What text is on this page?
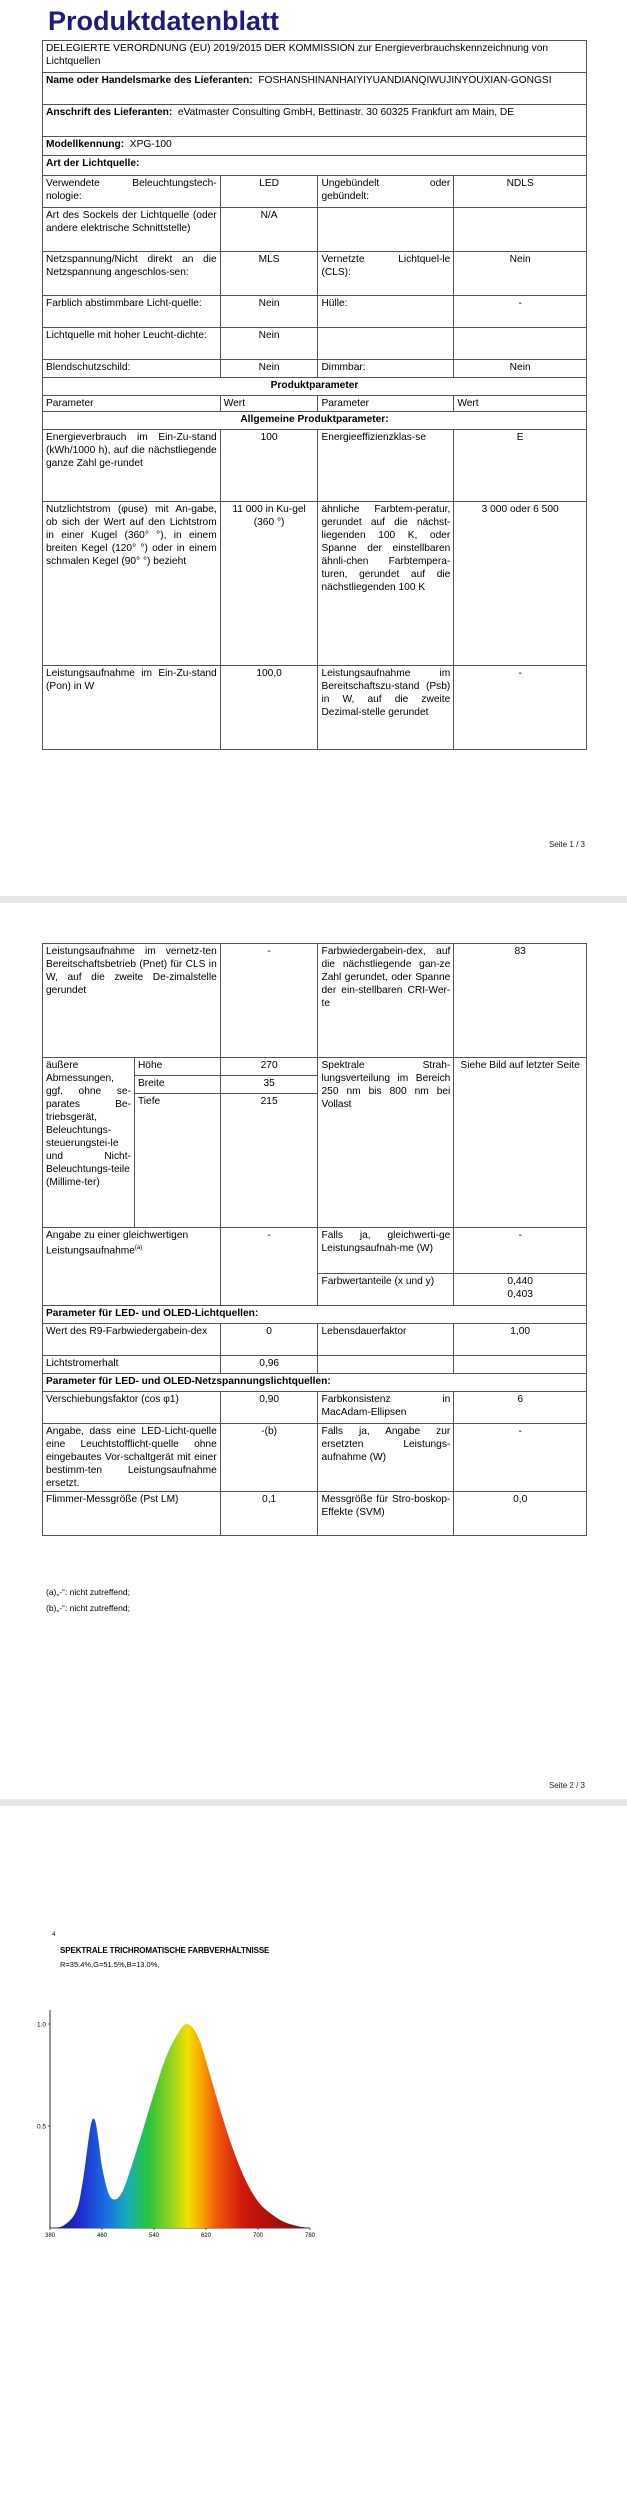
Produktdatenblatt
DELEGIERTE VERORDNUNG (EU) 2019/2015 DER KOMMISSION zur Energieverbrauchskennzeichnung von Lichtquellen			
Name oder Handelsmarke des Lieferanten: FOSHANSHINANHAIYIYUANDIANQIWUJINYOUXIAN-GONGSI			
Anschrift des Lieferanten: eVatmaster Consulting GmbH, Bettinastr. 30 60325 Frankfurt am Main, DE			
Modellkennung: XPG-100			
Art der Lichtquelle:			
Verwendete Beleuchtungstech-nologie:	LED	Ungebündelt oder gebündelt:	NDLS
Art des Sockels der Lichtquelle (oder andere elektrische Schnittstelle)	N/A		
Netzspannung/Nicht direkt an die Netzspannung angeschlos-sen:	MLS	Vernetzte Lichtquel-le (CLS):	Nein
Farblich abstimmbare Licht-quelle:	Nein	Hülle:	-
Lichtquelle mit hoher Leucht-dichte:	Nein		
Blendschutzschild:	Nein	Dimmbar:	Nein
Produktparameter			
Parameter	Wert	Parameter	Wert
Allgemeine Produktparameter:			
Energieverbrauch im Ein-Zu-stand (kWh/1000 h), auf die nächstliegende ganze Zahl ge-rundet	100	Energieeffizienzklas-se	E
Nutzlichtstrom (φuse) mit An-gabe, ob sich der Wert auf den Lichtstrom in einer Kugel (360° °), in einem breiten Kegel (120° °) oder in einem schmalen Kegel (90° °) bezieht	11 000 in Ku-gel (360 °)	ähnliche Farbtem-peratur, gerundet auf die nächst-liegenden 100 K, oder Spanne der einstellbaren ähnli-chen Farbtempera-turen, gerundet auf die nächstliegenden 100 K	3 000 oder 6 500
Leistungsaufnahme im Ein-Zu-stand (Pon) in W	100,0	Leistungsaufnahme im Bereitschaftszu-stand (Psb) in W, auf die zweite Dezimal-stelle gerundet	-
Seite 1 / 3
Leistungsaufnahme im vernetz-ten Bereitschaftsbetrieb (Pnet) für CLS in W, auf die zweite De-zimalstelle gerundet		-	Farbwiedergabein-dex, auf die nächstliegende gan-ze Zahl gerundet, oder Spanne der ein-stellbaren CRI-Wer-te	83
äußere Abmessungen, ggf. ohne se-parates Be-triebsgerät, Beleuchtungs-steuerungstei-le und Nicht-Beleuchtungs-teile (Millime-ter)	Höhe	270	Spektrale Strah-lungsverteilung im Bereich 250 nm bis 800 nm bei Vollast	Siehe Bild auf letzter Seite
	Breite	35		
	Tiefe	215		
Angabe zu einer gleichwertigen Leistungsaufnahme$^{(a)}$		-	Falls ja, gleichwerti-ge Leistungsaufnah-me (W)	-
			Farbwertanteile (x und y)	0,440
0,403
Parameter für LED- und OLED-Lichtquellen:				
Wert des R9-Farbwiedergabein-dex		0	Lebensdauerfaktor	1,00
Lichtstromerhalt		0,96		
Parameter für LED- und OLED-Netzspannungslichtquellen:				
Verschiebungsfaktor (cos φ1)		0,90	Farbkonsistenz in MacAdam-Ellipsen	6
Angabe, dass eine LED-Licht-quelle eine Leuchtstofflicht-quelle ohne eingebautes Vor-schaltgerät mit einer bestimm-ten Leistungsaufnahme ersetzt.		-(b)	Falls ja, Angabe zur ersetzten Leistungs-aufnahme (W)	-
Flimmer-Messgröße (Pst LM)		0,1	Messgröße für Stro-boskop-Effekte (SVM)	0,0
(a)„-“: nicht zutreffend;
(b)„-“: nicht zutreffend;
Seite 2 / 3
4
SPEKTRALE TRICHROMATISCHE FARBVERHÄLTNISSE
R=35.4%,G=51.5%,B=13.0%,
1.0
0.5
380	460	540	620	700	780
